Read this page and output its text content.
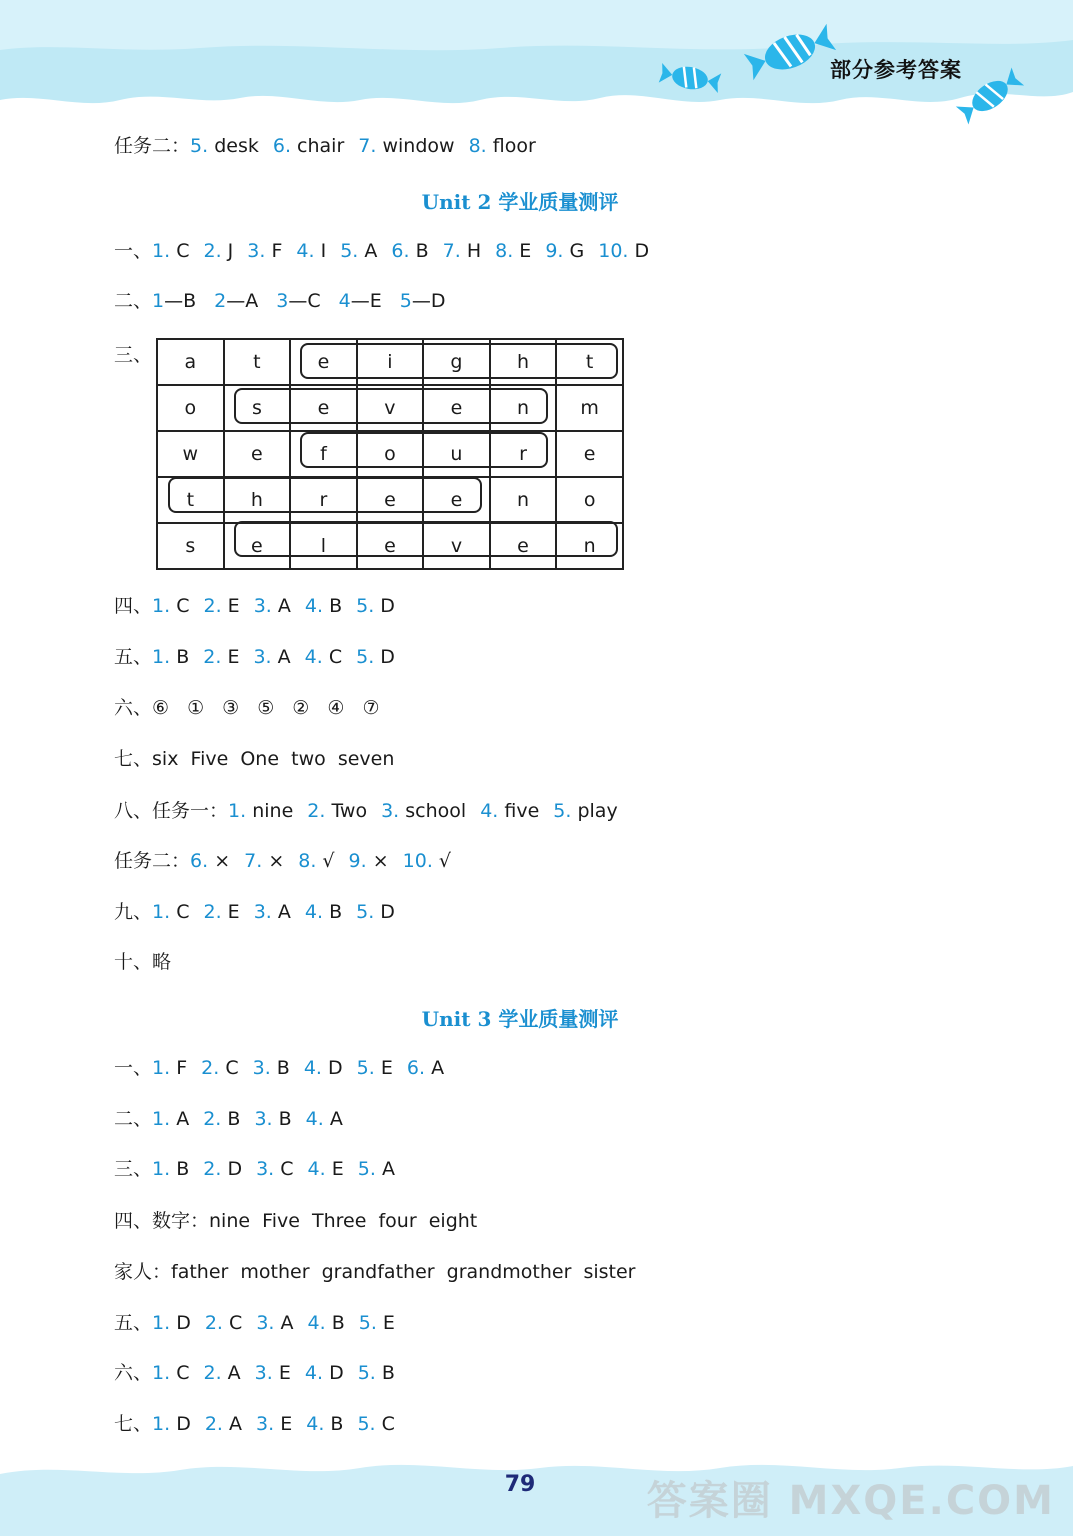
部分参考答案
任务二：5. desk 6. chair 7. window 8. floor
Unit 2 学业质量测评
一、1. C 2. J 3. F 4. I 5. A 6. B 7. H 8. E 9. G 10. D
二、1—B 2—A 3—C 4—E 5—D
三、 a	t	e	i	g	h	t
o	s	e	v	e	n	m
w	e	f	o	u	r	e
t	h	r	e	e	n	o
s	e	l	e	v	e	n
四、1. C 2. E 3. A 4. B 5. D
五、1. B 2. E 3. A 4. C 5. D
六、⑥ ① ③ ⑤ ② ④ ⑦
七、six  Five  One  two  seven
八、任务一：1. nine 2. Two 3. school 4. five 5. play
任务二：6. × 7. × 8. √ 9. × 10. √
九、1. C 2. E 3. A 4. B 5. D
十、略
Unit 3 学业质量测评
一、1. F 2. C 3. B 4. D 5. E 6. A
二、1. A 2. B 3. B 4. A
三、1. B 2. D 3. C 4. E 5. A
四、数字：nine  Five  Three  four  eight
家人：father  mother  grandfather  grandmother  sister
五、1. D 2. C 3. A 4. B 5. E
六、1. C 2. A 3. E 4. D 5. B
七、1. D 2. A 3. E 4. B 5. C
79	答案圈 MXQE.COM
